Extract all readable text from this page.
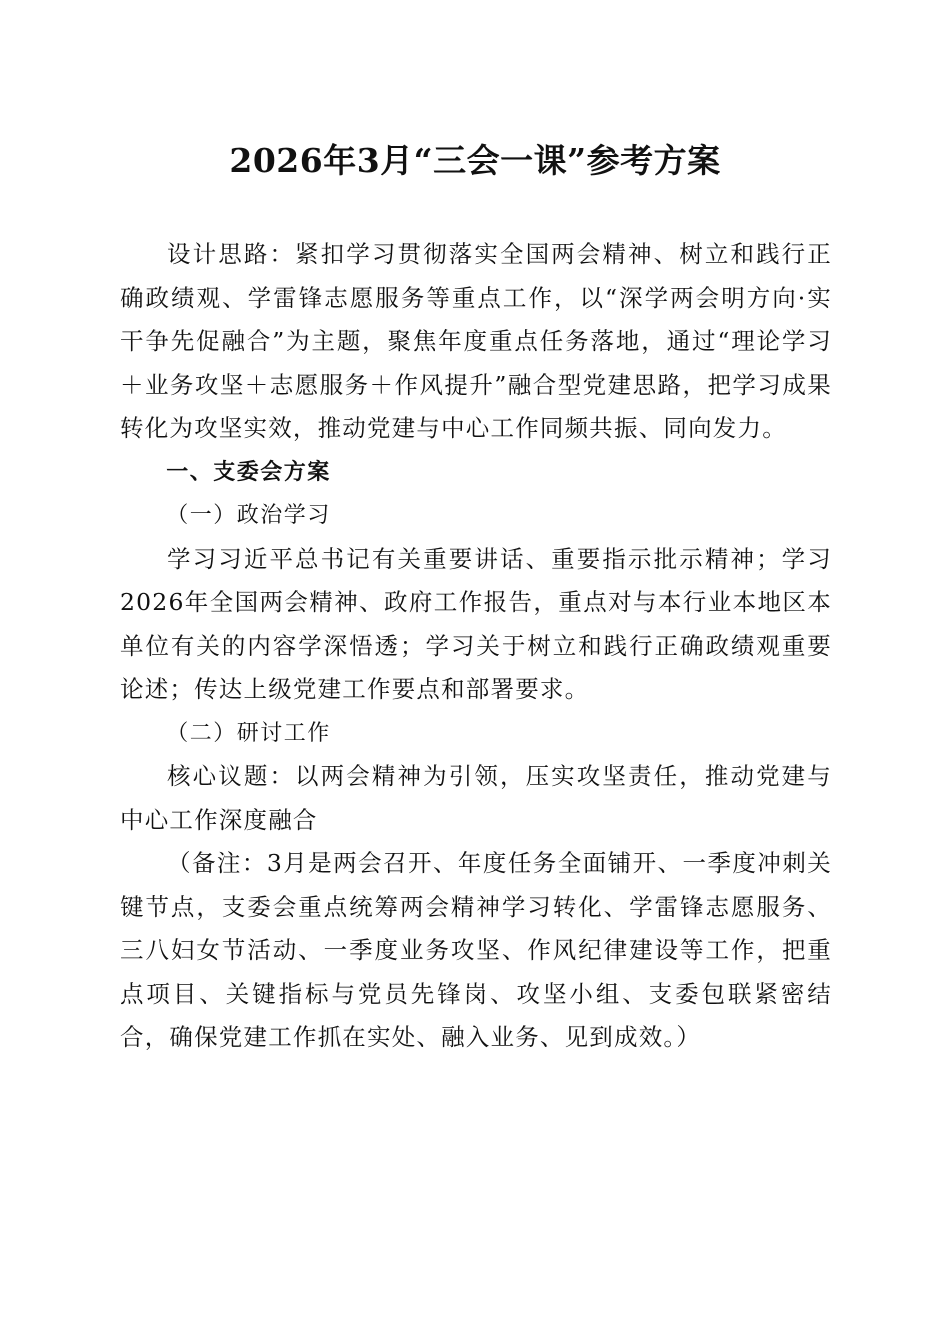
2026年3月“三会一课”参考方案

设计思路：紧扣学习贯彻落实全国两会精神、树立和践行正确政绩观、学雷锋志愿服务等重点工作，以“深学两会明方向·实干争先促融合”为主题，聚焦年度重点任务落地，通过“理论学习＋业务攻坚＋志愿服务＋作风提升”融合型党建思路，把学习成果转化为攻坚实效，推动党建与中心工作同频共振、同向发力。

一、支委会方案

（一）政治学习

学习习近平总书记有关重要讲话、重要指示批示精神；学习2026年全国两会精神、政府工作报告，重点对与本行业本地区本单位有关的内容学深悟透；学习关于树立和践行正确政绩观重要论述；传达上级党建工作要点和部署要求。

（二）研讨工作

核心议题：以两会精神为引领，压实攻坚责任，推动党建与中心工作深度融合

（备注：3月是两会召开、年度任务全面铺开、一季度冲刺关键节点，支委会重点统筹两会精神学习转化、学雷锋志愿服务、三八妇女节活动、一季度业务攻坚、作风纪律建设等工作，把重点项目、关键指标与党员先锋岗、攻坚小组、支委包联紧密结合，确保党建工作抓在实处、融入业务、见到成效。）
